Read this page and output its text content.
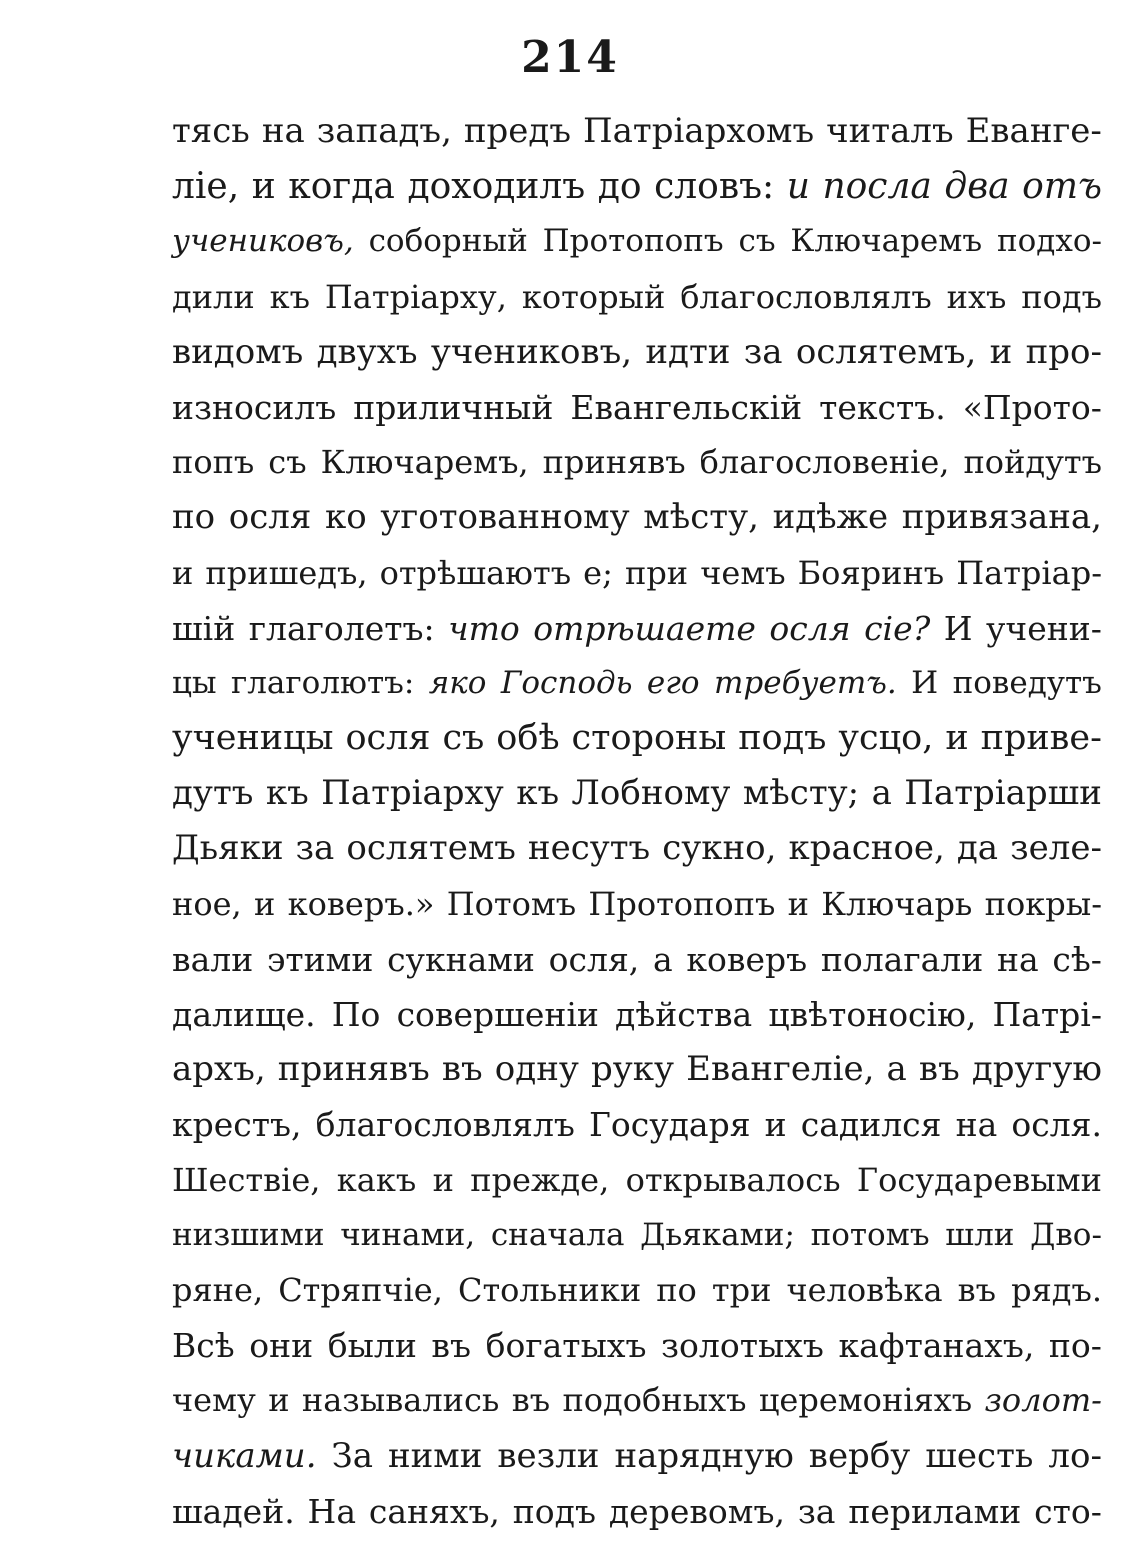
214
тясь на западъ, предъ Патріархомъ читалъ Еванге-
ліе, и когда доходилъ до словъ: и посла два отъ
учениковъ, соборный Протопопъ съ Ключаремъ подхо-
дили къ Патріарху, который благословлялъ ихъ подъ
видомъ двухъ учениковъ, идти за ослятемъ, и про-
износилъ приличный Евангельскій текстъ. «Прото-
попъ съ Ключаремъ, принявъ благословеніе, пойдутъ
по осля ко уготованному мѣсту, идѣже привязана,
и пришедъ, отрѣшаютъ е; при чемъ Бояринъ Патріар-
шій глаголетъ: что отрѣшаете осля сіе? И учени-
цы глаголютъ: яко Господь его требуетъ. И поведутъ
ученицы осля съ обѣ стороны подъ усцо, и приве-
дутъ къ Патріарху къ Лобному мѣсту; а Патріарши
Дьяки за ослятемъ несутъ сукно, красное, да зеле-
ное, и коверъ.» Потомъ Протопопъ и Ключарь покры-
вали этими сукнами осля, а коверъ полагали на сѣ-
далище. По совершеніи дѣйства цвѣтоносію, Патрі-
архъ, принявъ въ одну руку Евангеліе, а въ другую
крестъ, благословлялъ Государя и садился на осля.
Шествіе, какъ и прежде, открывалось Государевыми
низшими чинами, сначала Дьяками; потомъ шли Дво-
ряне, Стряпчіе, Стольники по три человѣка въ рядъ.
Всѣ они были въ богатыхъ золотыхъ кафтанахъ, по-
чему и назывались въ подобныхъ церемоніяхъ золот-
чиками. За ними везли нарядную вербу шесть ло-
шадей. На саняхъ, подъ деревомъ, за перилами сто-
